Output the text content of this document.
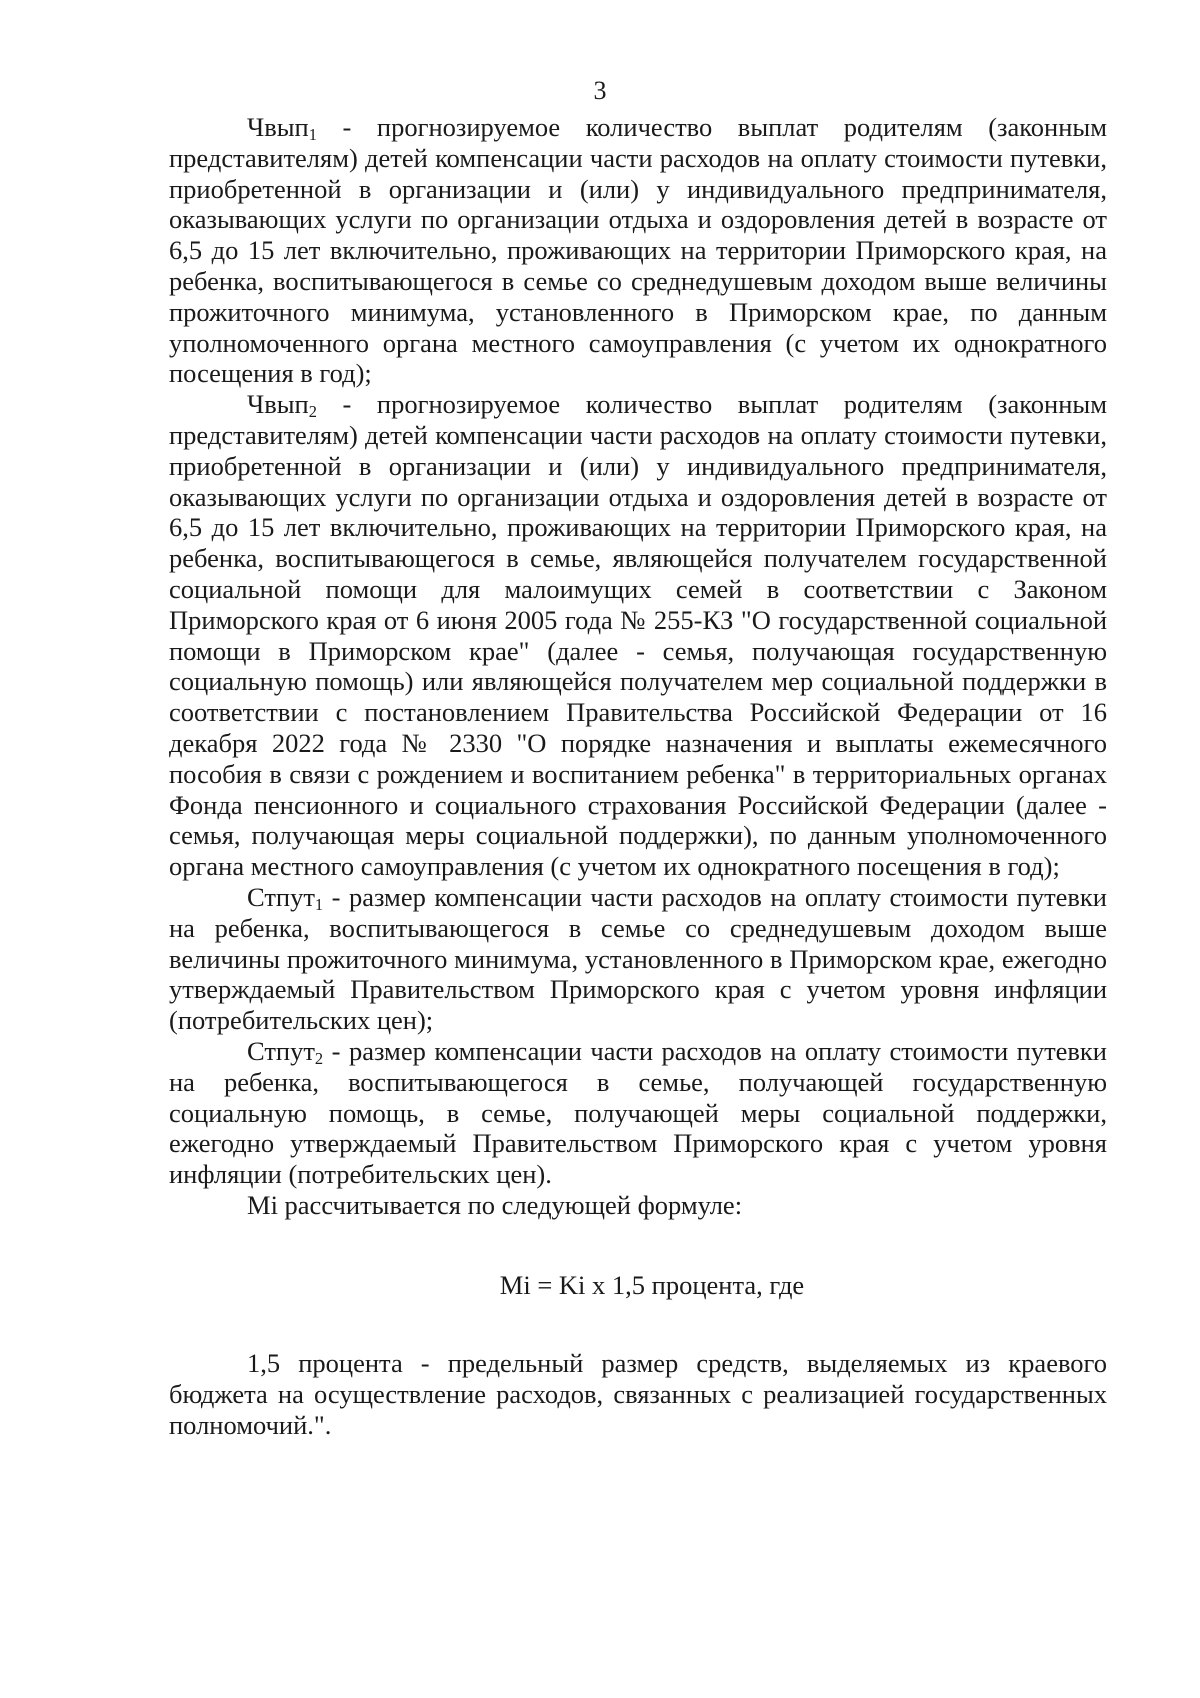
3

Чвып$_1$ - прогнозируемое количество выплат родителям (законным представителям) детей компенсации части расходов на оплату стоимости путевки, приобретенной в организации и (или) у индивидуального предпринимателя, оказывающих услуги по организации отдыха и оздоровления детей в возрасте от 6,5 до 15 лет включительно, проживающих на территории Приморского края, на ребенка, воспитывающегося в семье со среднедушевым доходом выше величины прожиточного минимума, установленного в Приморском крае, по данным уполномоченного органа местного самоуправления (с учетом их однократного посещения в год);

Чвып$_2$ - прогнозируемое количество выплат родителям (законным представителям) детей компенсации части расходов на оплату стоимости путевки, приобретенной в организации и (или) у индивидуального предпринимателя, оказывающих услуги по организации отдыха и оздоровления детей в возрасте от 6,5 до 15 лет включительно, проживающих на территории Приморского края, на ребенка, воспитывающегося в семье, являющейся получателем государственной социальной помощи для малоимущих семей в соответствии с Законом Приморского края от 6 июня 2005 года № 255-КЗ "О государственной социальной помощи в Приморском крае" (далее - семья, получающая государственную социальную помощь) или являющейся получателем мер социальной поддержки в соответствии с постановлением Правительства Российской Федерации от 16 декабря 2022 года № 2330 "О порядке назначения и выплаты ежемесячного пособия в связи с рождением и воспитанием ребенка" в территориальных органах Фонда пенсионного и социального страхования Российской Федерации (далее - семья, получающая меры социальной поддержки), по данным уполномоченного органа местного самоуправления (с учетом их однократного посещения в год);

Стпут$_1$ - размер компенсации части расходов на оплату стоимости путевки на ребенка, воспитывающегося в семье со среднедушевым доходом выше величины прожиточного минимума, установленного в Приморском крае, ежегодно утверждаемый Правительством Приморского края с учетом уровня инфляции (потребительских цен);

Стпут$_2$ - размер компенсации части расходов на оплату стоимости путевки на ребенка, воспитывающегося в семье, получающей государственную социальную помощь, в семье, получающей меры социальной поддержки, ежегодно утверждаемый Правительством Приморского края с учетом уровня инфляции (потребительских цен).

Mi рассчитывается по следующей формуле:

Mi = Ki x 1,5 процента, где

1,5 процента - предельный размер средств, выделяемых из краевого бюджета на осуществление расходов, связанных с реализацией государственных полномочий.".
